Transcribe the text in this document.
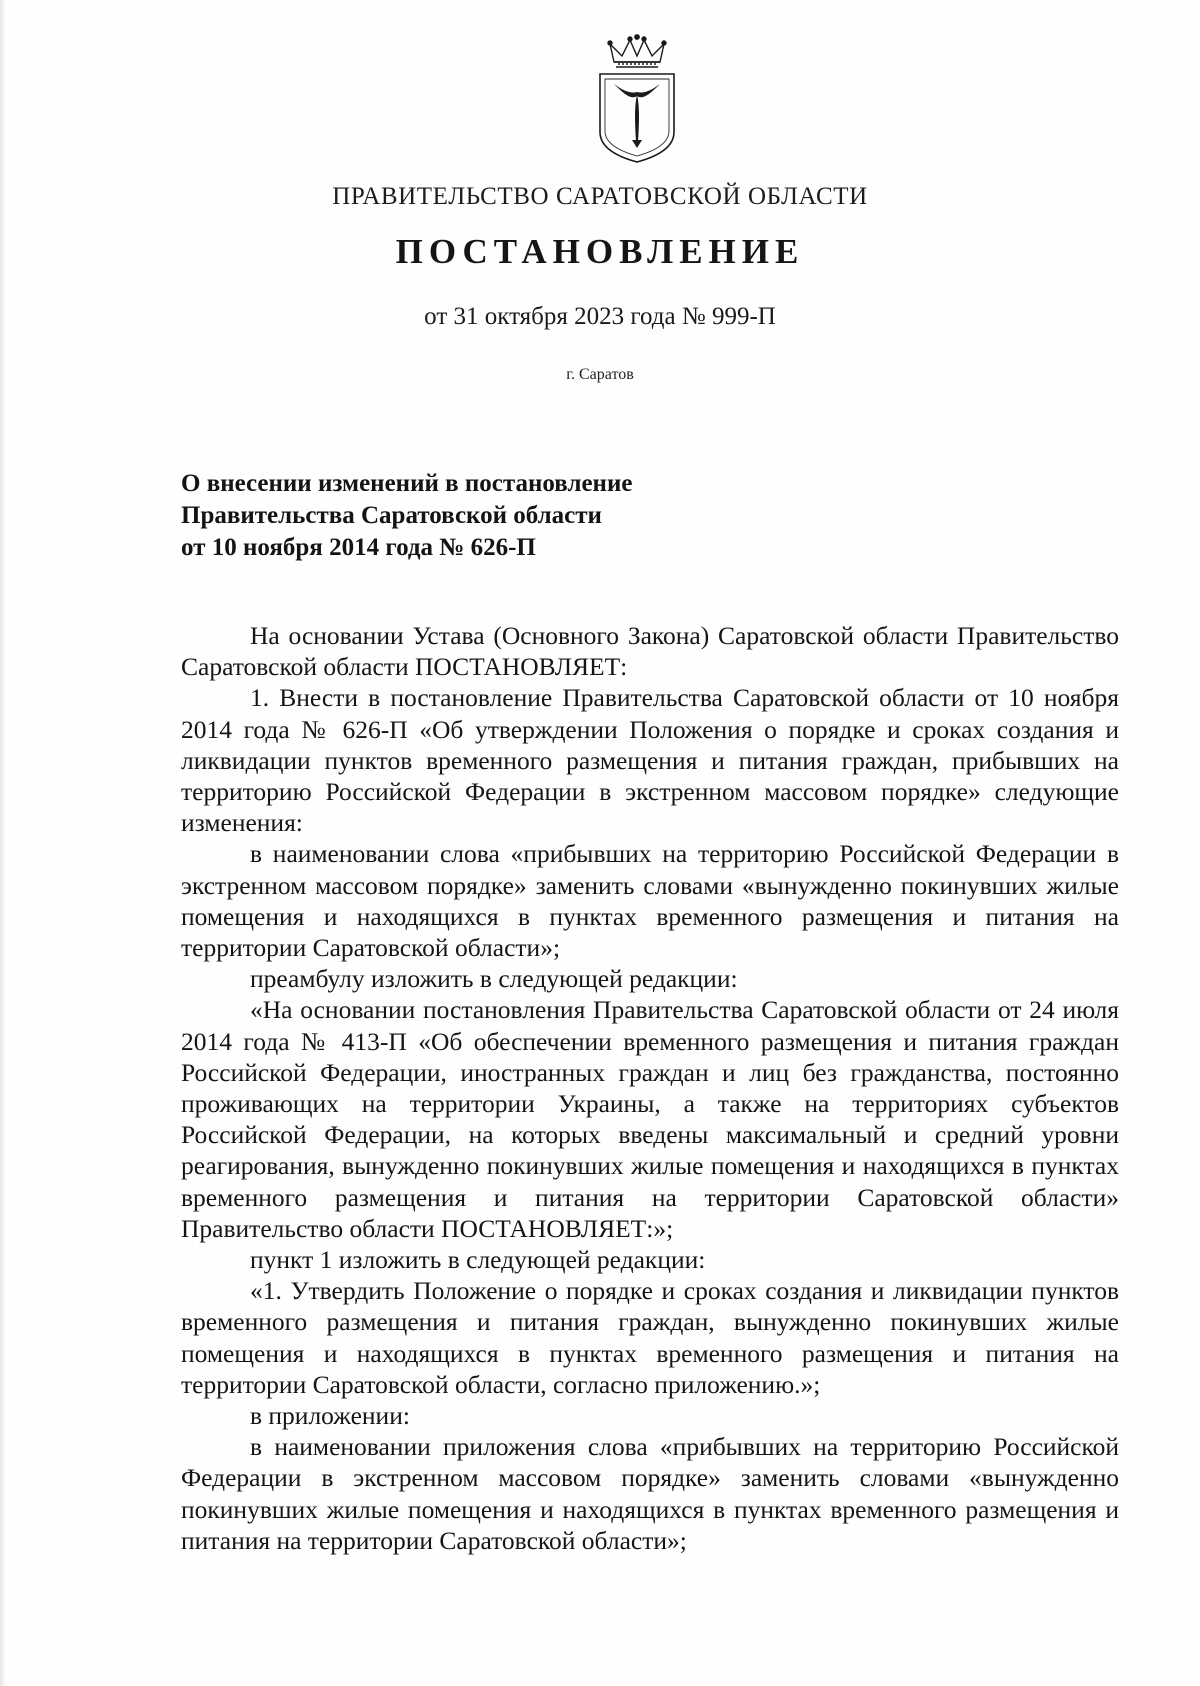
ПРАВИТЕЛЬСТВО САРАТОВСКОЙ ОБЛАСТИ
ПОСТАНОВЛЕНИЕ
от 31 октября 2023 года № 999-П
г. Саратов
О внесении изменений в постановление
Правительства Саратовской области
от 10 ноября 2014 года № 626-П

На основании Устава (Основного Закона) Саратовской области Правительство Саратовской области ПОСТАНОВЛЯЕТ:

1. Внести в постановление Правительства Саратовской области от 10 ноября 2014 года № 626-П «Об утверждении Положения о порядке и сроках создания и ликвидации пунктов временного размещения и питания граждан, прибывших на территорию Российской Федерации в экстренном массовом порядке» следующие изменения:

в наименовании слова «прибывших на территорию Российской Федерации в экстренном массовом порядке» заменить словами «вынужденно покинувших жилые помещения и находящихся в пунктах временного размещения и питания на территории Саратовской области»;

преамбулу изложить в следующей редакции:

«На основании постановления Правительства Саратовской области от 24 июля 2014 года № 413-П «Об обеспечении временного размещения и питания граждан Российской Федерации, иностранных граждан и лиц без гражданства, постоянно проживающих на территории Украины, а также на территориях субъектов Российской Федерации, на которых введены максимальный и средний уровни реагирования, вынужденно покинувших жилые помещения и находящихся в пунктах временного размещения и питания на территории Саратовской области» Правительство области ПОСТАНОВЛЯЕТ:»;

пункт 1 изложить в следующей редакции:

«1. Утвердить Положение о порядке и сроках создания и ликвидации пунктов временного размещения и питания граждан, вынужденно покинувших жилые помещения и находящихся в пунктах временного размещения и питания на территории Саратовской области, согласно приложению.»;

в приложении:

в наименовании приложения слова «прибывших на территорию Российской Федерации в экстренном массовом порядке» заменить словами «вынужденно покинувших жилые помещения и находящихся в пунктах временного размещения и питания на территории Саратовской области»;
